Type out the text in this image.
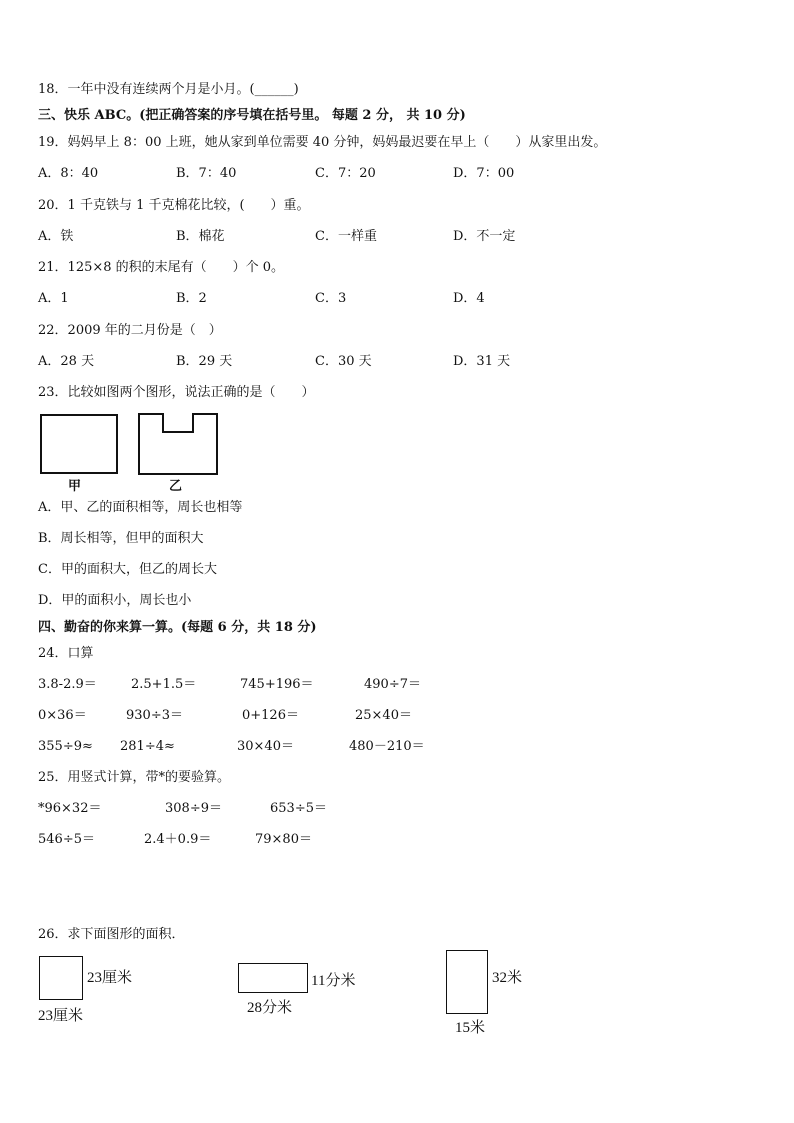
18．一年中没有连续两个月是小月。(______)
三、快乐 ABC。(把正确答案的序号填在括号里。 每题 2 分， 共 10 分)
19．妈妈早上 8：00 上班，她从家到单位需要 40 分钟，妈妈最迟要在早上（　　）从家里出发。
A．8：40	B．7：40	C．7：20	D．7：00
20．1 千克铁与 1 千克棉花比较，(　　）重。
A．铁	B．棉花	C．一样重	D．不一定
21．125×8 的积的末尾有（　　）个 0。
A．1	B．2	C．3	D．4
22．2009 年的二月份是（　）
A．28 天	B．29 天	C．30 天	D．31 天
23．比较如图两个图形，说法正确的是（　　）
甲	乙
A．甲、乙的面积相等，周长也相等
B．周长相等，但甲的面积大
C．甲的面积大，但乙的周长大
D．甲的面积小，周长也小
四、勤奋的你来算一算。(每题 6 分，共 18 分)
24．口算
3.8-2.9＝	2.5+1.5＝	745+196＝	490÷7＝
0×36＝	930÷3＝	0+126＝	25×40＝
355÷9≈ 281÷4≈	30×40＝	480－210＝
25．用竖式计算，带*的要验算。
*96×32＝	308÷9＝	653÷5＝
546÷5＝	2.4＋0.9＝	79×80＝
26．求下面图形的面积．
23厘米
23厘米
11分米
28分米
32米
15米
